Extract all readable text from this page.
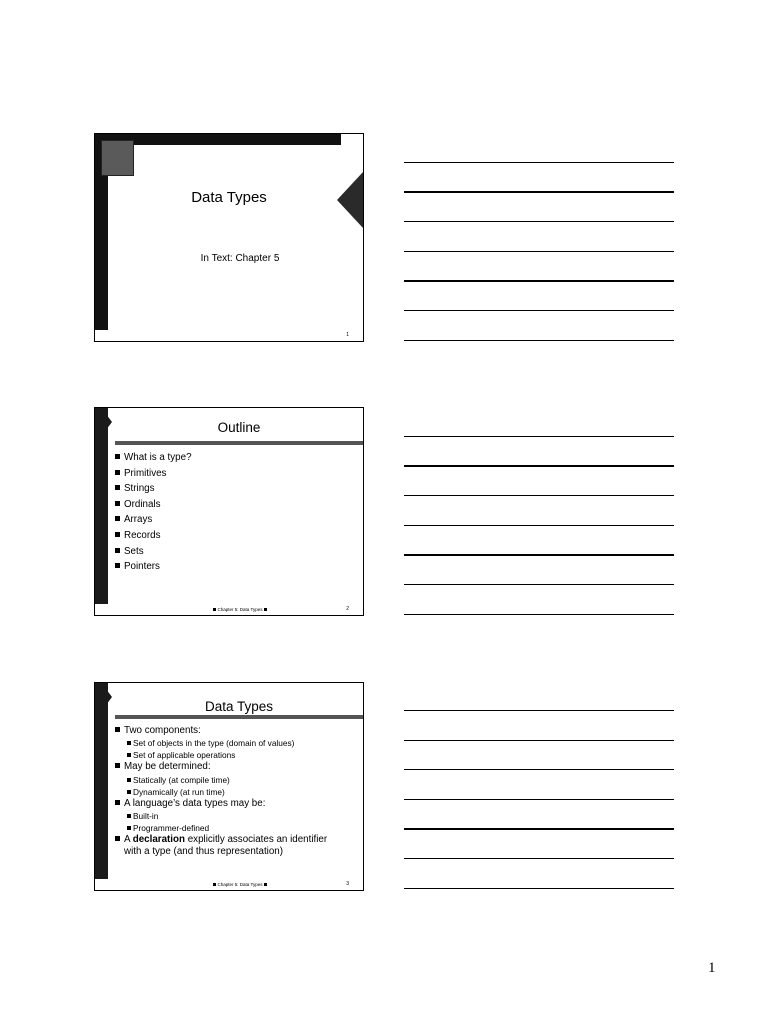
Data Types
In Text: Chapter 5
1
Outline
What is a type?
Primitives
Strings
Ordinals
Arrays
Records
Sets
Pointers
Chapter 5: Data Types	2
Data Types
Two components:
Set of objects in the type (domain of values)
Set of applicable operations
May be determined:
Statically (at compile time)
Dynamically (at run time)
A language’s data types may be:
Built-in
Programmer-defined
A declaration explicitly associates an identifier
with a type (and thus representation)
Chapter 5: Data Types	3
1
